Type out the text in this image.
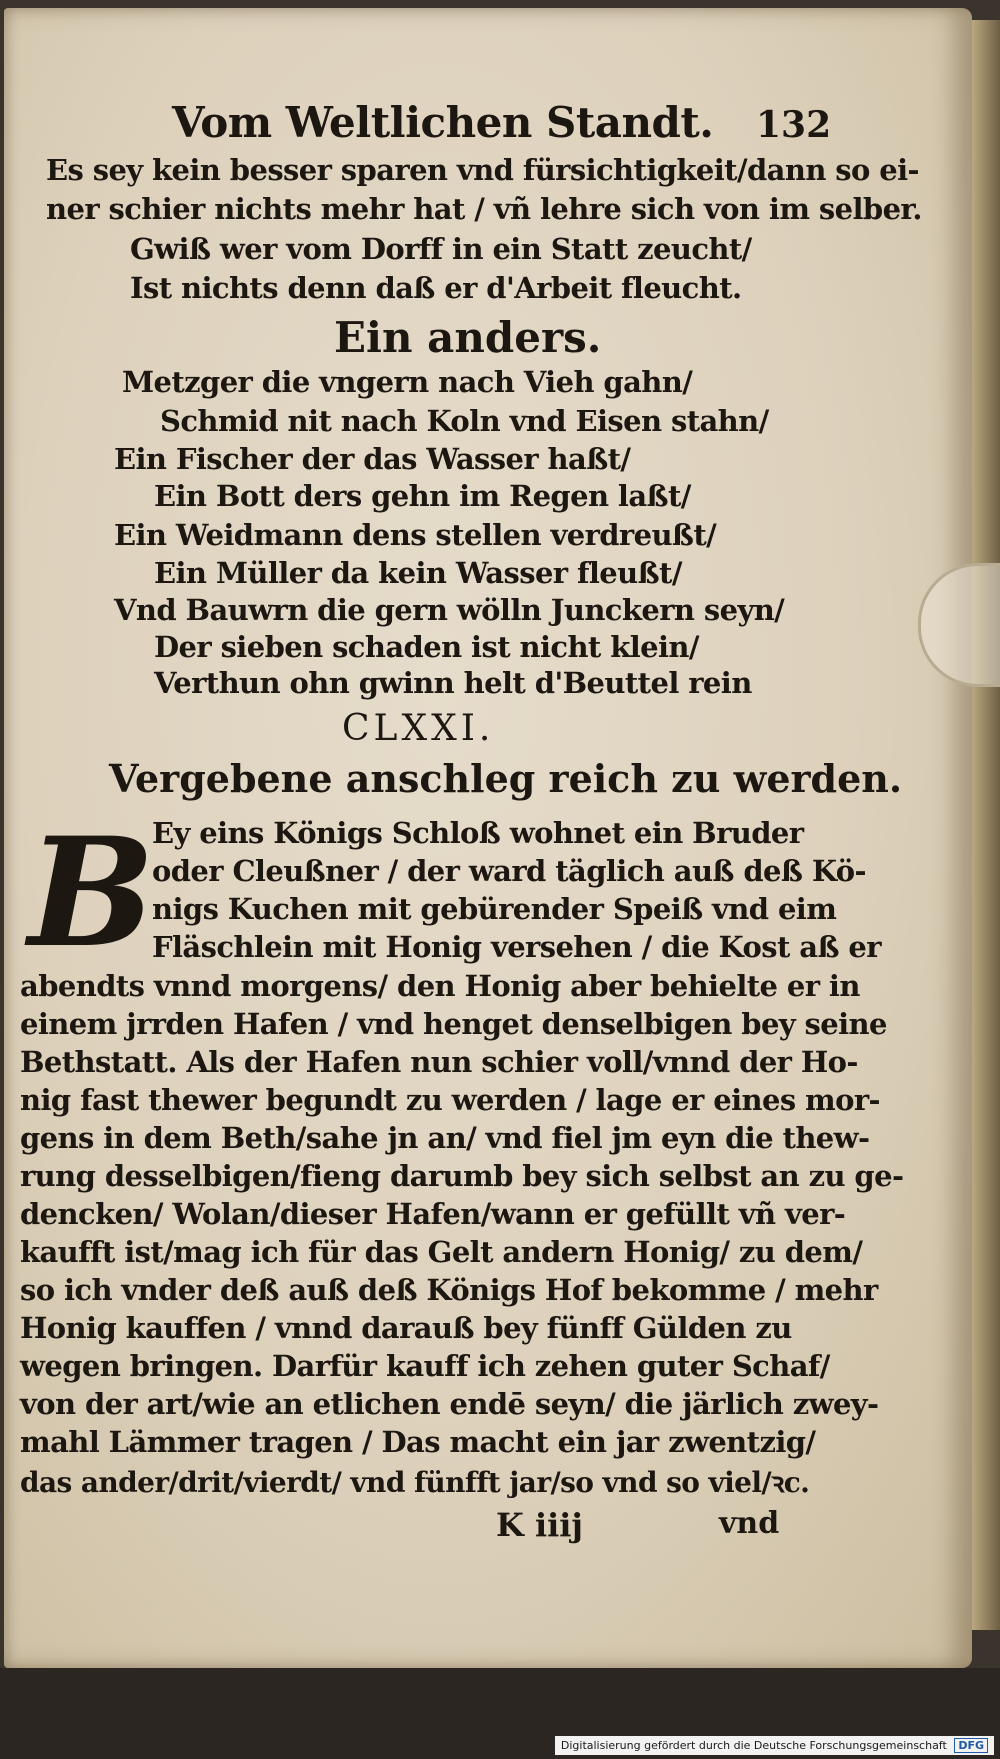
Vom Weltlichen Standt. 132
Es sey kein besser sparen vnd fürsichtigkeit/dann so ei-
ner schier nichts mehr hat / vñ lehre sich von im selber.
Gwiß wer vom Dorff in ein Statt zeucht/
Ist nichts denn daß er d'Arbeit fleucht.
Ein anders.
Metzger die vngern nach Vieh gahn/
Schmid nit nach Koln vnd Eisen stahn/
Ein Fischer der das Wasser haßt/
Ein Bott ders gehn im Regen laßt/
Ein Weidmann dens stellen verdreußt/
Ein Müller da kein Wasser fleußt/
Vnd Bauwrn die gern wölln Junckern seyn/
Der sieben schaden ist nicht klein/
Verthun ohn gwinn helt d'Beuttel rein
CLXXI.
Vergebene anschleg reich zu werden.
B
Ey eins Königs Schloß wohnet ein Bruder
oder Cleußner / der ward täglich auß deß Kö-
nigs Kuchen mit gebürender Speiß vnd eim
Fläschlein mit Honig versehen / die Kost aß er
abendts vnnd morgens/ den Honig aber behielte er in
einem jrrden Hafen / vnd henget denselbigen bey seine
Bethstatt. Als der Hafen nun schier voll/vnnd der Ho-
nig fast thewer begundt zu werden / lage er eines mor-
gens in dem Beth/sahe jn an/ vnd fiel jm eyn die thew-
rung desselbigen/fieng darumb bey sich selbst an zu ge-
dencken/ Wolan/dieser Hafen/wann er gefüllt vñ ver-
kaufft ist/mag ich für das Gelt andern Honig/ zu dem/
so ich vnder deß auß deß Königs Hof bekomme / mehr
Honig kauffen / vnnd darauß bey fünff Gülden zu
wegen bringen. Darfür kauff ich zehen guter Schaf/
von der art/wie an etlichen endē seyn/ die järlich zwey-
mahl Lämmer tragen / Das macht ein jar zwentzig/
das ander/drit/vierdt/ vnd fünfft jar/so vnd so viel/ꝛc.
K iiij	vnd
Digitalisierung gefördert durch die Deutsche Forschungsgemeinschaft DFG
